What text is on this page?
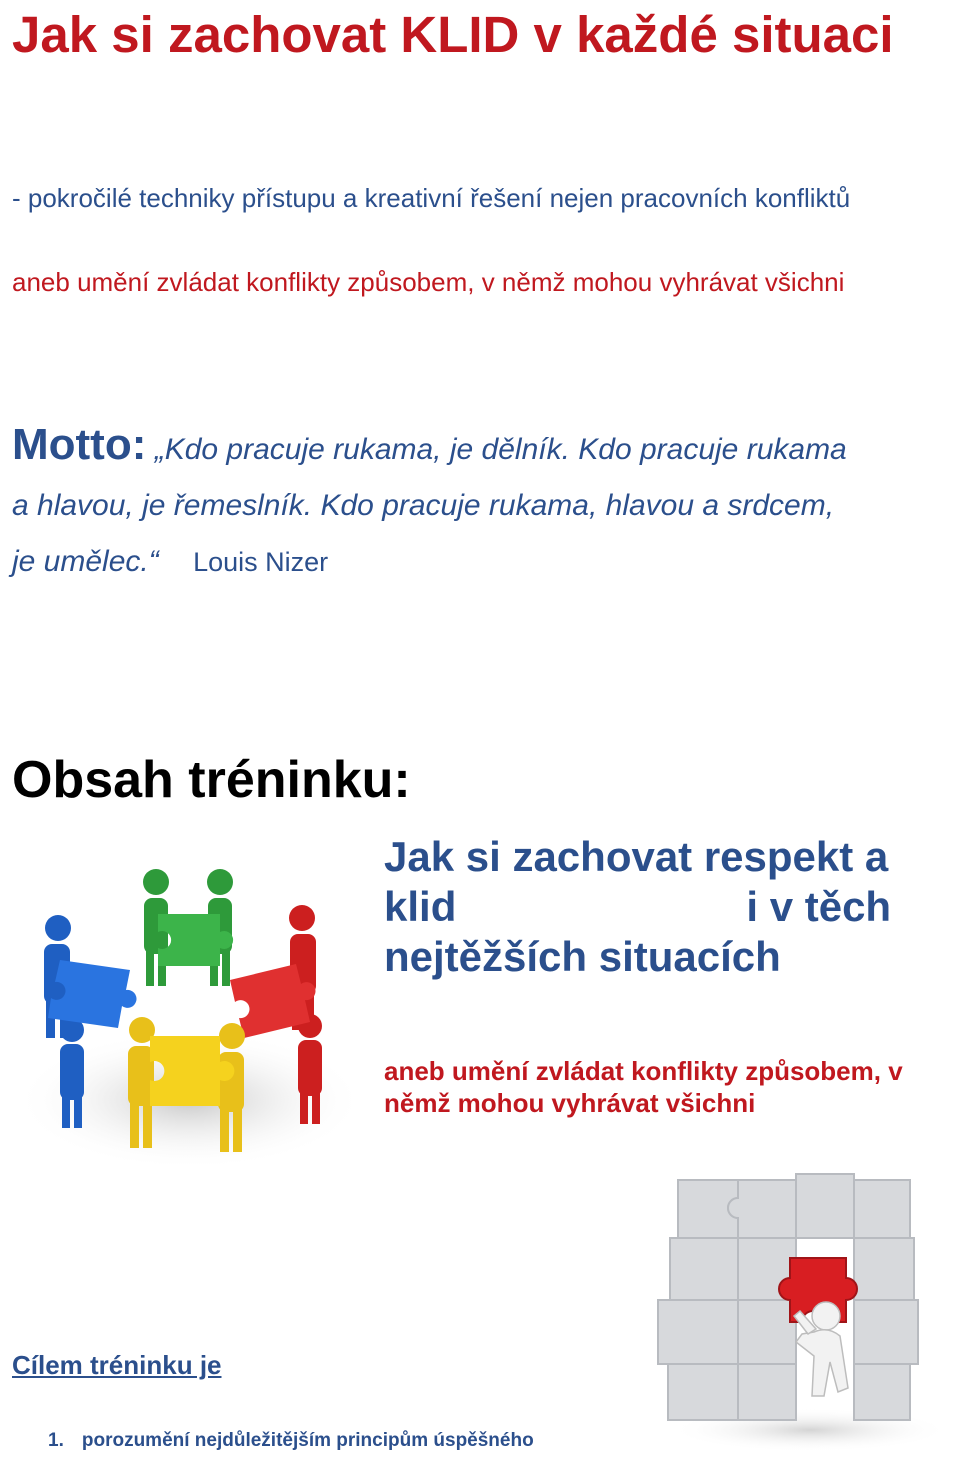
Jak si zachovat KLID v každé situaci

- pokročilé techniky přístupu a kreativní řešení nejen pracovních konfliktů

aneb umění zvládat konflikty způsobem, v němž mohou vyhrávat všichni

Motto: „Kdo pracuje rukama, je dělník. Kdo pracuje rukama
a hlavou, je řemeslník. Kdo pracuje rukama, hlavou a srdcem,
je umělec.“ Louis Nizer

Obsah tréninku:
Jak si zachovat respekt a
klid	i v těch
nejtěžších situacích

aneb umění zvládat konflikty způsobem, v němž mohou vyhrávat všichni

Cílem tréninku je
1. porozumění nejdůležitějším principům úspěšného
